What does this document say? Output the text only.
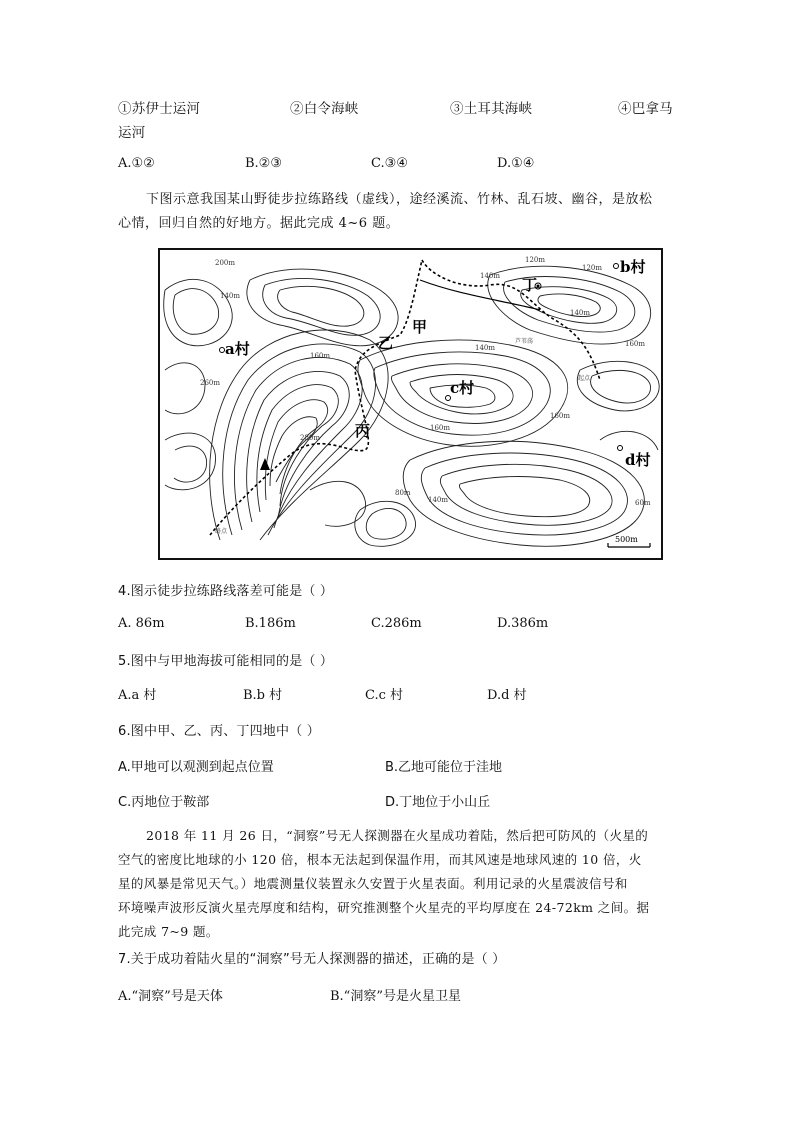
①苏伊士运河	②白令海峡	③土耳其海峡	④巴拿马
运河
A.①②	B.②③	C.③④	D.①④
下图示意我国某山野徒步拉练路线（虚线），途经溪流、竹林、乱石坡、幽谷，是放松
心情，回归自然的好地方。据此完成 4~6 题。
200m
140m
140m
120m
120m
140m
160m
160m
140m
260m
280m
160m
160m
80m
140m	60m
芦苇荡
起点
终点
a村
b村
c村
d村
甲
乙
丙
丁
500m
4.图示徒步拉练路线落差可能是（ ）
A. 86m	B.186m	C.286m	D.386m
5.图中与甲地海拔可能相同的是（ ）
A.a 村	B.b 村	C.c 村	D.d 村
6.图中甲、乙、丙、丁四地中（ ）
A.甲地可以观测到起点位置	B.乙地可能位于洼地
C.丙地位于鞍部	D.丁地位于小山丘
2018 年 11 月 26 日，“洞察”号无人探测器在火星成功着陆，然后把可防风的（火星的
空气的密度比地球的小 120 倍，根本无法起到保温作用，而其风速是地球风速的 10 倍，火
星的风暴是常见天气。）地震测量仪装置永久安置于火星表面。利用记录的火星震波信号和
环境噪声波形反演火星壳厚度和结构，研究推测整个火星壳的平均厚度在 24-72km 之间。据
此完成 7~9 题。
7.关于成功着陆火星的“洞察”号无人探测器的描述，正确的是（ ）
A.“洞察”号是天体	B.“洞察”号是火星卫星
